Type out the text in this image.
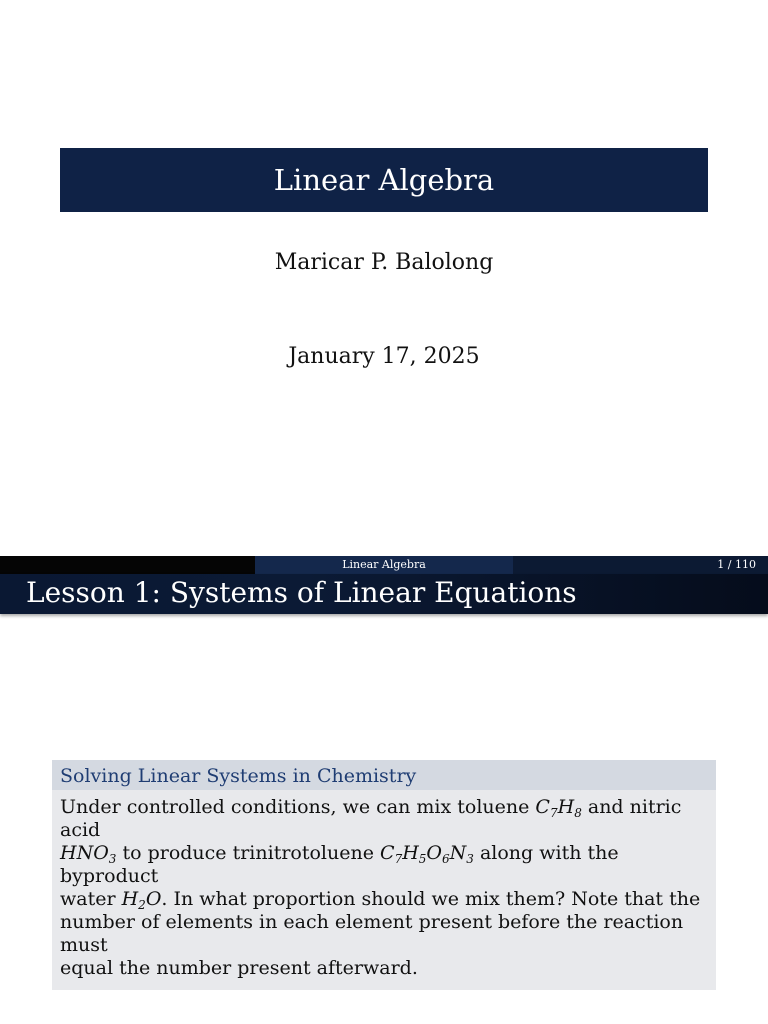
Linear Algebra
Maricar P. Balolong
January 17, 2025
Linear Algebra	1 / 110
Lesson 1: Systems of Linear Equations
Solving Linear Systems in Chemistry
Under controlled conditions, we can mix toluene $C_7H_8$ and nitric acid
$HNO_3$ to produce trinitrotoluene $C_7H_5O_6N_3$ along with the byproduct
water $H_2O$. In what proportion should we mix them? Note that the
number of elements in each element present before the reaction must
equal the number present afterward.
